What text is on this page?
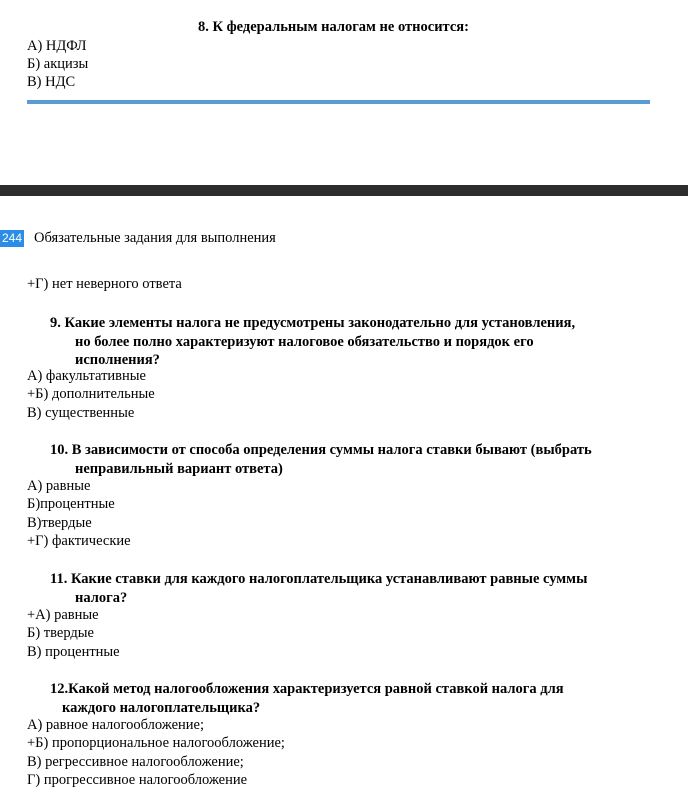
8. К федеральным налогам не относится:
А) НДФЛ
Б) акцизы
В) НДС
244 Обязательные задания для выполнения
+Г) нет неверного ответа
9. Какие элементы налога не предусмотрены законодательно для установления,
но более полно характеризуют налоговое обязательство и порядок его
исполнения?
А) факультативные
+Б) дополнительные
В) существенные
10. В зависимости от способа определения суммы налога ставки бывают (выбрать
неправильный вариант ответа)
А) равные
Б)процентные
В)твердые
+Г) фактические
11. Какие ставки для каждого налогоплательщика устанавливают равные суммы
налога?
+А) равные
Б) твердые
В) процентные
12.Какой метод налогообложения характеризуется равной ставкой налога для
каждого налогоплательщика?
А) равное налогообложение;
+Б) пропорциональное налогообложение;
В) регрессивное налогообложение;
Г) прогрессивное налогообложение
